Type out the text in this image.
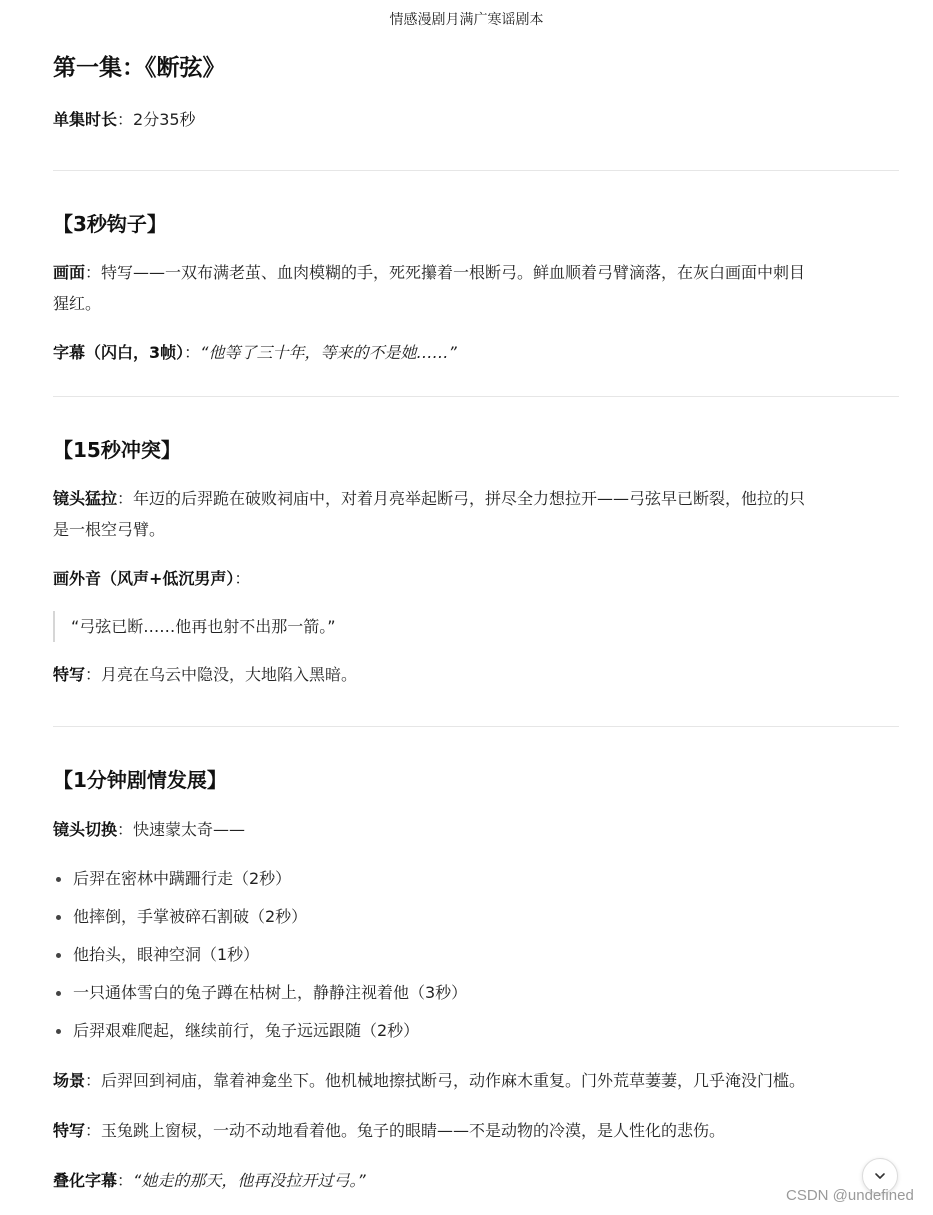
情感漫剧月满广寒谣剧本
第一集：《断弦》

单集时长：2分35秒

【3秒钩子】

画面：特写——一双布满老茧、血肉模糊的手，死死攥着一根断弓。鲜血顺着弓臂滴落，在灰白画面中刺目
猩红。

字幕（闪白，3帧）：“他等了三十年，等来的不是她……”

【15秒冲突】

镜头猛拉：年迈的后羿跪在破败祠庙中，对着月亮举起断弓，拼尽全力想拉开——弓弦早已断裂，他拉的只
是一根空弓臂。

画外音（风声+低沉男声）：

“弓弦已断……他再也射不出那一箭。”

特写：月亮在乌云中隐没，大地陷入黑暗。

【1分钟剧情发展】

镜头切换：快速蒙太奇——

后羿在密林中蹒跚行走（2秒）
他摔倒，手掌被碎石割破（2秒）
他抬头，眼神空洞（1秒）
一只通体雪白的兔子蹲在枯树上，静静注视着他（3秒）
后羿艰难爬起，继续前行，兔子远远跟随（2秒）

场景：后羿回到祠庙，靠着神龛坐下。他机械地擦拭断弓，动作麻木重复。门外荒草萋萋，几乎淹没门槛。

特写：玉兔跳上窗棂，一动不动地看着他。兔子的眼睛——不是动物的冷漠，是人性化的悲伤。

叠化字幕：“她走的那天，他再没拉开过弓。”

CSDN @undefined
